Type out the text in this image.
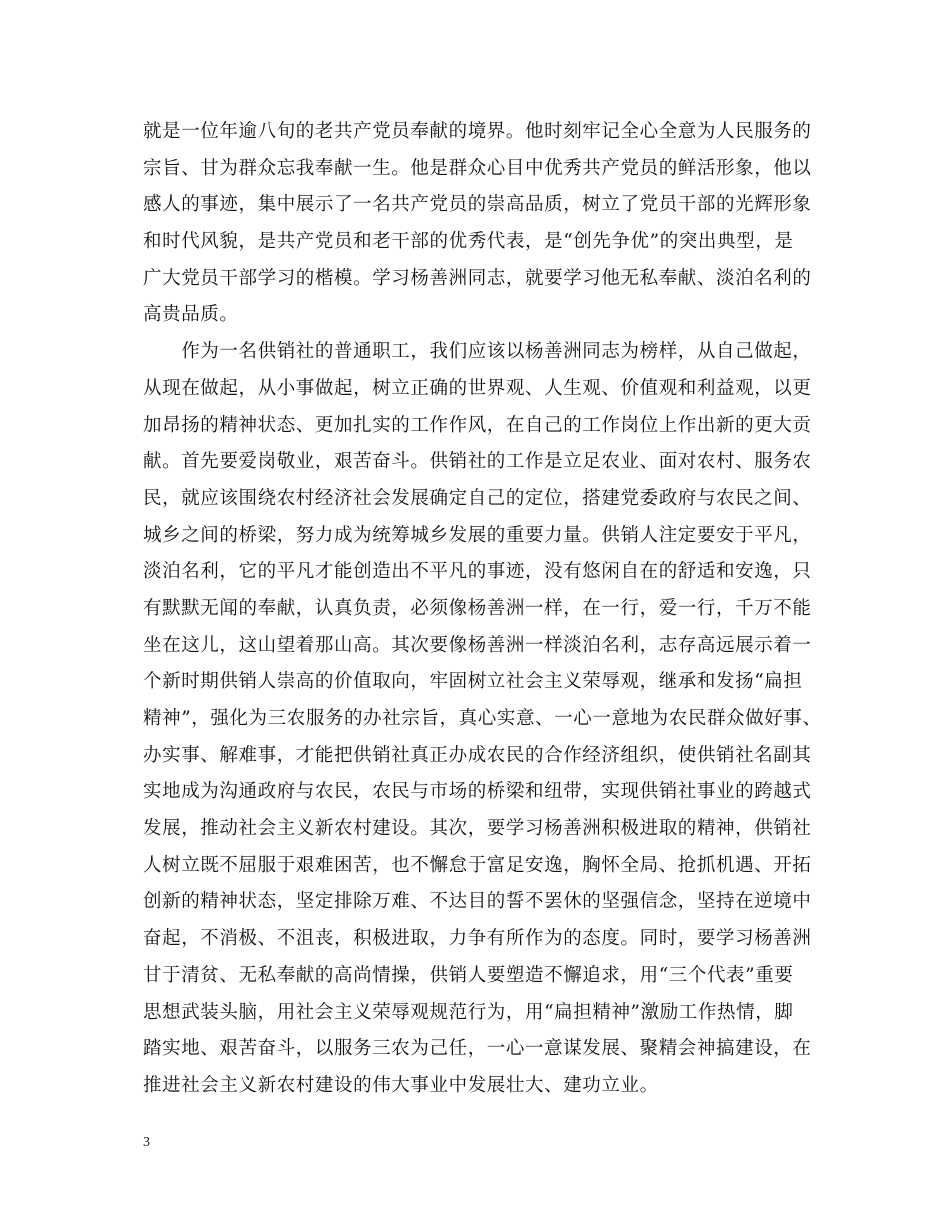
就是一位年逾八旬的老共产党员奉献的境界。他时刻牢记全心全意为人民服务的
宗旨、甘为群众忘我奉献一生。他是群众心目中优秀共产党员的鲜活形象，他以
感人的事迹，集中展示了一名共产党员的崇高品质，树立了党员干部的光辉形象
和时代风貌，是共产党员和老干部的优秀代表，是“创先争优”的突出典型，是
广大党员干部学习的楷模。学习杨善洲同志，就要学习他无私奉献、淡泊名利的
高贵品质。
　　作为一名供销社的普通职工，我们应该以杨善洲同志为榜样，从自己做起，
从现在做起，从小事做起，树立正确的世界观、人生观、价值观和利益观，以更
加昂扬的精神状态、更加扎实的工作作风，在自己的工作岗位上作出新的更大贡
献。首先要爱岗敬业，艰苦奋斗。供销社的工作是立足农业、面对农村、服务农
民，就应该围绕农村经济社会发展确定自己的定位，搭建党委政府与农民之间、
城乡之间的桥梁，努力成为统筹城乡发展的重要力量。供销人注定要安于平凡，
淡泊名利，它的平凡才能创造出不平凡的事迹，没有悠闲自在的舒适和安逸，只
有默默无闻的奉献，认真负责，必须像杨善洲一样，在一行，爱一行，千万不能
坐在这儿，这山望着那山高。其次要像杨善洲一样淡泊名利，志存高远展示着一
个新时期供销人崇高的价值取向，牢固树立社会主义荣辱观，继承和发扬“扁担
精神”，强化为三农服务的办社宗旨，真心实意、一心一意地为农民群众做好事、
办实事、解难事，才能把供销社真正办成农民的合作经济组织，使供销社名副其
实地成为沟通政府与农民，农民与市场的桥梁和纽带，实现供销社事业的跨越式
发展，推动社会主义新农村建设。其次，要学习杨善洲积极进取的精神，供销社
人树立既不屈服于艰难困苦，也不懈怠于富足安逸，胸怀全局、抢抓机遇、开拓
创新的精神状态，坚定排除万难、不达目的誓不罢休的坚强信念，坚持在逆境中
奋起，不消极、不沮丧，积极进取，力争有所作为的态度。同时，要学习杨善洲
甘于清贫、无私奉献的高尚情操，供销人要塑造不懈追求，用“三个代表”重要
思想武装头脑，用社会主义荣辱观规范行为，用“扁担精神”激励工作热情，脚
踏实地、艰苦奋斗，以服务三农为己任，一心一意谋发展、聚精会神搞建设，在
推进社会主义新农村建设的伟大事业中发展壮大、建功立业。
3
